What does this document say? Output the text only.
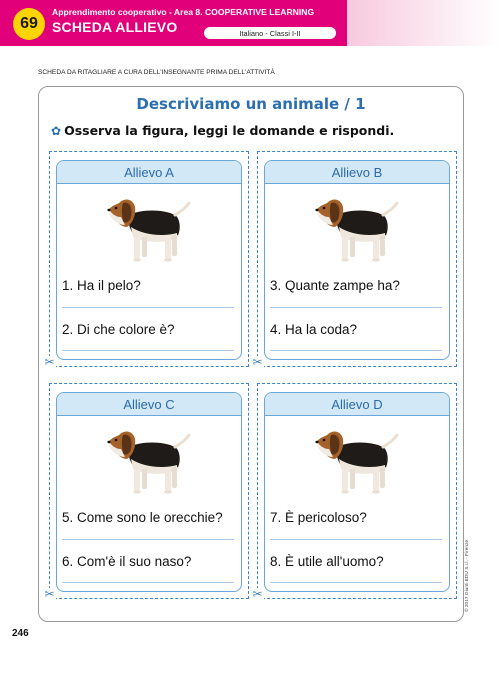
69
Apprendimento cooperativo - Area 8. COOPERATIVE LEARNING
SCHEDA ALLIEVO	Italiano - Classi I-II
SCHEDA DA RITAGLIARE A CURA DELL'INSEGNANTE PRIMA DELL'ATTIVITÀ
Descriviamo un animale / 1
✿ Osserva la figura, leggi le domande e rispondi.
Allievo A
1. Ha il pelo?
2. Di che colore è?
✂
Allievo B
3. Quante zampe ha?
4. Ha la coda?
✂
Allievo C
5. Come sono le orecchie?
6. Com'è il suo naso?
✂
Allievo D
7. È pericoloso?
8. È utile all'uomo?
✂	© 2017 Giunti EDU S.r.l. - Firenze
246
